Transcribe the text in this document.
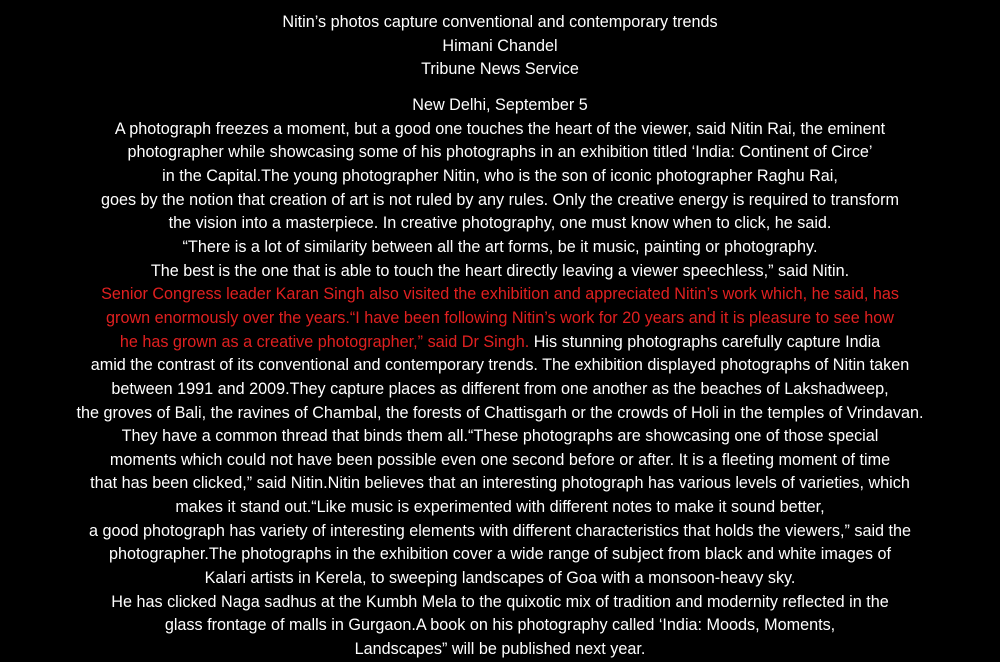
Nitin’s photos capture conventional and contemporary trends
Himani Chandel
Tribune News Service
New Delhi, September 5
A photograph freezes a moment, but a good one touches the heart of the viewer, said Nitin Rai, the eminent
photographer while showcasing some of his photographs in an exhibition titled ‘India: Continent of Circe’
in the Capital.The young photographer Nitin, who is the son of iconic photographer Raghu Rai,
goes by the notion that creation of art is not ruled by any rules. Only the creative energy is required to transform
the vision into a masterpiece. In creative photography, one must know when to click, he said.
“There is a lot of similarity between all the art forms, be it music, painting or photography.
The best is the one that is able to touch the heart directly leaving a viewer speechless,” said Nitin.
Senior Congress leader Karan Singh also visited the exhibition and appreciated Nitin’s work which, he said, has
grown enormously over the years.“I have been following Nitin’s work for 20 years and it is pleasure to see how
he has grown as a creative photographer,” said Dr Singh. His stunning photographs carefully capture India
amid the contrast of its conventional and contemporary trends. The exhibition displayed photographs of Nitin taken
between 1991 and 2009.They capture places as different from one another as the beaches of Lakshadweep,
the groves of Bali, the ravines of Chambal, the forests of Chattisgarh or the crowds of Holi in the temples of Vrindavan.
They have a common thread that binds them all.“These photographs are showcasing one of those special
moments which could not have been possible even one second before or after. It is a fleeting moment of time
that has been clicked,” said Nitin.Nitin believes that an interesting photograph has various levels of varieties, which
makes it stand out.“Like music is experimented with different notes to make it sound better,
a good photograph has variety of interesting elements with different characteristics that holds the viewers,” said the
photographer.The photographs in the exhibition cover a wide range of subject from black and white images of
Kalari artists in Kerela, to sweeping landscapes of Goa with a monsoon-heavy sky.
He has clicked Naga sadhus at the Kumbh Mela to the quixotic mix of tradition and modernity reflected in the
glass frontage of malls in Gurgaon.A book on his photography called ‘India: Moods, Moments,
Landscapes” will be published next year.
